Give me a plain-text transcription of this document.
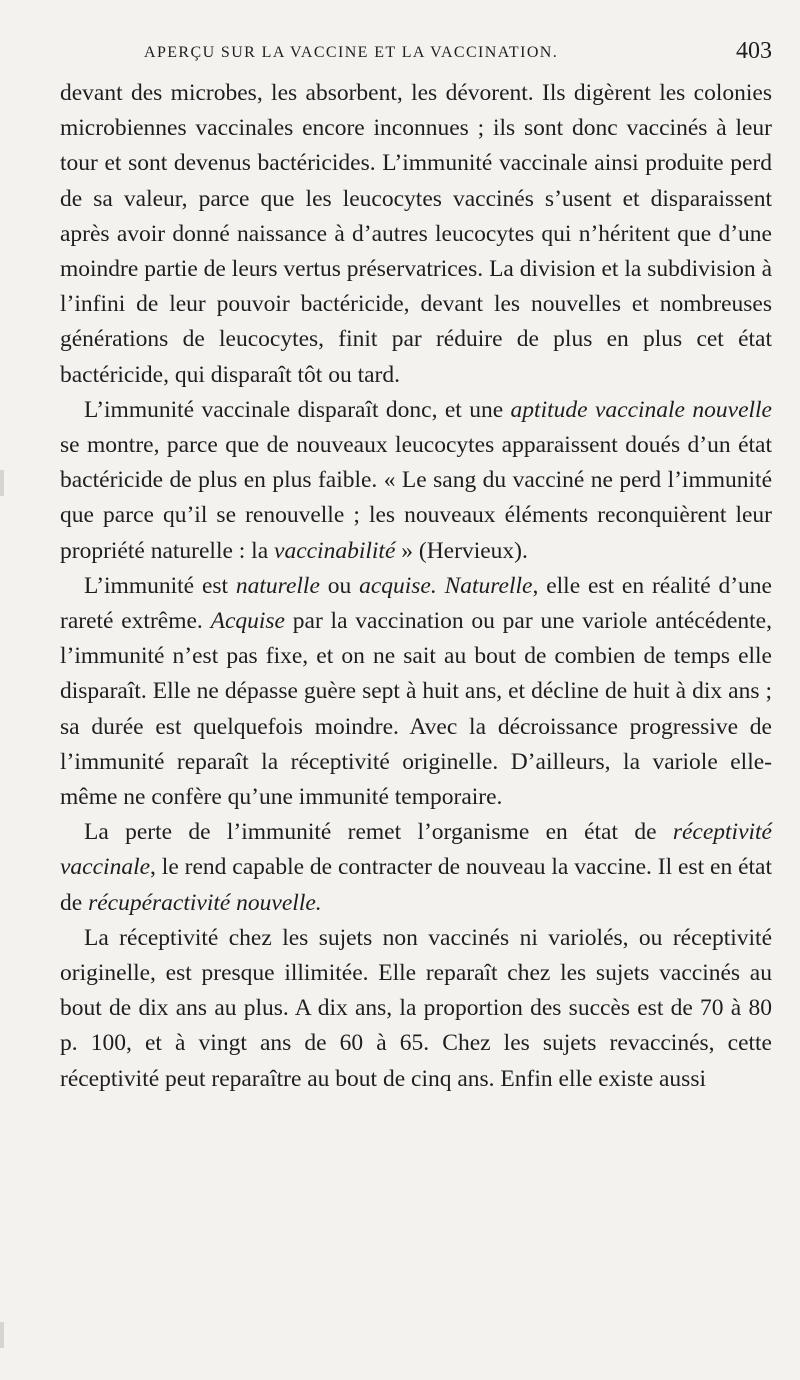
APERÇU SUR LA VACCINE ET LA VACCINATION.	403

devant des microbes, les absorbent, les dévorent. Ils digèrent les colonies microbiennes vaccinales encore inconnues ; ils sont donc vaccinés à leur tour et sont devenus bactéricides. L’immunité vaccinale ainsi produite perd de sa valeur, parce que les leucocytes vaccinés s’usent et disparaissent après avoir donné naissance à d’autres leucocytes qui n’héritent que d’une moindre partie de leurs vertus préservatrices. La division et la subdivision à l’infini de leur pouvoir bactéricide, devant les nouvelles et nombreuses générations de leucocytes, finit par réduire de plus en plus cet état bactéricide, qui disparaît tôt ou tard.

L’immunité vaccinale disparaît donc, et une aptitude vaccinale nouvelle se montre, parce que de nouveaux leucocytes apparaissent doués d’un état bactéricide de plus en plus faible. « Le sang du vacciné ne perd l’immunité que parce qu’il se renouvelle ; les nouveaux éléments reconquièrent leur propriété naturelle : la vaccinabilité » (Hervieux).

L’immunité est naturelle ou acquise. Naturelle, elle est en réalité d’une rareté extrême. Acquise par la vaccination ou par une variole antécédente, l’immunité n’est pas fixe, et on ne sait au bout de combien de temps elle disparaît. Elle ne dépasse guère sept à huit ans, et décline de huit à dix ans ; sa durée est quelquefois moindre. Avec la décroissance progressive de l’immunité reparaît la réceptivité originelle. D’ailleurs, la variole elle-même ne confère qu’une immunité temporaire.

La perte de l’immunité remet l’organisme en état de réceptivité vaccinale, le rend capable de contracter de nouveau la vaccine. Il est en état de récupéractivité nouvelle.

La réceptivité chez les sujets non vaccinés ni variolés, ou réceptivité originelle, est presque illimitée. Elle reparaît chez les sujets vaccinés au bout de dix ans au plus. A dix ans, la proportion des succès est de 70 à 80 p. 100, et à vingt ans de 60 à 65. Chez les sujets revaccinés, cette réceptivité peut reparaître au bout de cinq ans. Enfin elle existe aussi
